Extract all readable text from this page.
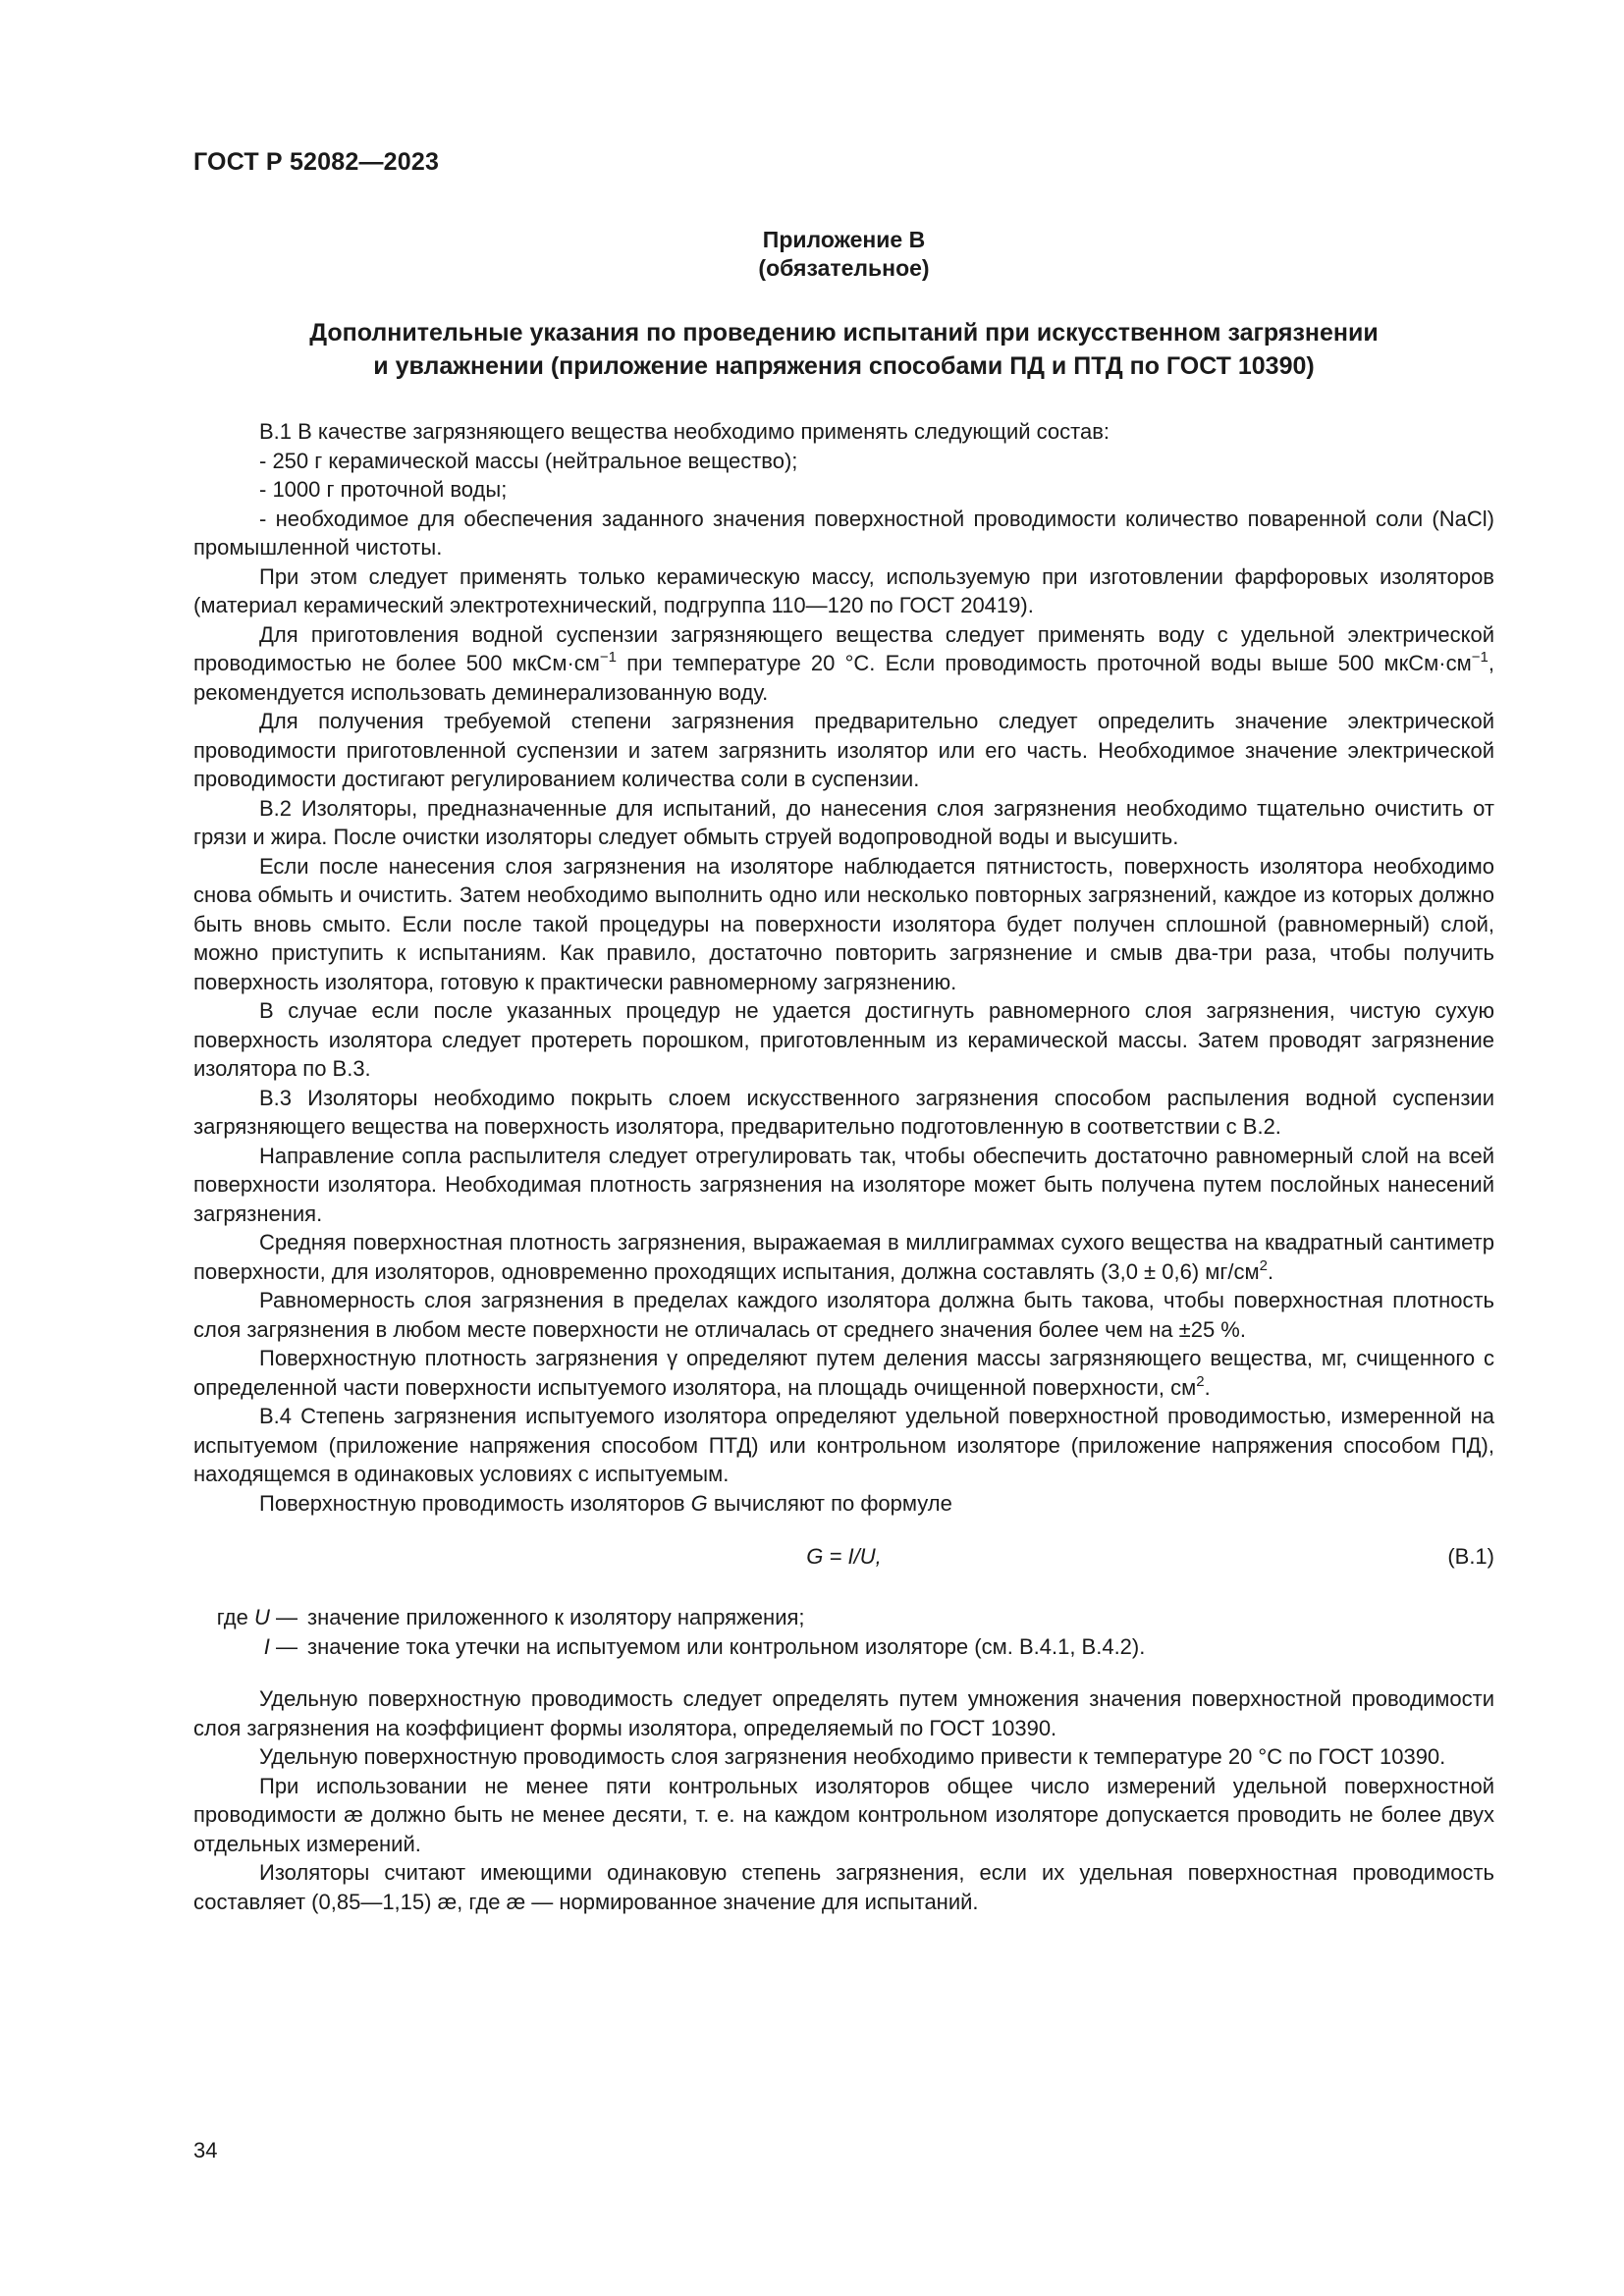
ГОСТ Р 52082—2023
Приложение В
(обязательное)
Дополнительные указания по проведению испытаний при искусственном загрязнении
и увлажнении (приложение напряжения способами ПД и ПТД по ГОСТ 10390)

В.1 В качестве загрязняющего вещества необходимо применять следующий состав:

- 250 г керамической массы (нейтральное вещество);

- 1000 г проточной воды;

- необходимое для обеспечения заданного значения поверхностной проводимости количество поваренной соли (NaCl) промышленной чистоты.

При этом следует применять только керамическую массу, используемую при изготовлении фарфоровых изоляторов (материал керамический электротехнический, подгруппа 110—120 по ГОСТ 20419).

Для приготовления водной суспензии загрязняющего вещества следует применять воду с удельной электрической проводимостью не более 500 $мкСм\cdot см^{-1}$ при температуре 20 °С. Если проводимость проточной воды выше 500 $мкСм\cdot см^{-1}$, рекомендуется использовать деминерализованную воду.

Для получения требуемой степени загрязнения предварительно следует определить значение электрической проводимости приготовленной суспензии и затем загрязнить изолятор или его часть. Необходимое значение электрической проводимости достигают регулированием количества соли в суспензии.

В.2 Изоляторы, предназначенные для испытаний, до нанесения слоя загрязнения необходимо тщательно очистить от грязи и жира. После очистки изоляторы следует обмыть струей водопроводной воды и высушить.

Если после нанесения слоя загрязнения на изоляторе наблюдается пятнистость, поверхность изолятора необходимо снова обмыть и очистить. Затем необходимо выполнить одно или несколько повторных загрязнений, каждое из которых должно быть вновь смыто. Если после такой процедуры на поверхности изолятора будет получен сплошной (равномерный) слой, можно приступить к испытаниям. Как правило, достаточно повторить загрязнение и смыв два-три раза, чтобы получить поверхность изолятора, готовую к практически равномерному загрязнению.

В случае если после указанных процедур не удается достигнуть равномерного слоя загрязнения, чистую сухую поверхность изолятора следует протереть порошком, приготовленным из керамической массы. Затем проводят загрязнение изолятора по В.3.

В.3 Изоляторы необходимо покрыть слоем искусственного загрязнения способом распыления водной суспензии загрязняющего вещества на поверхность изолятора, предварительно подготовленную в соответствии с В.2.

Направление сопла распылителя следует отрегулировать так, чтобы обеспечить достаточно равномерный слой на всей поверхности изолятора. Необходимая плотность загрязнения на изоляторе может быть получена путем послойных нанесений загрязнения.

Средняя поверхностная плотность загрязнения, выражаемая в миллиграммах сухого вещества на квадратный сантиметр поверхности, для изоляторов, одновременно проходящих испытания, должна составлять (3,0 ± 0,6) $мг/см^2$.

Равномерность слоя загрязнения в пределах каждого изолятора должна быть такова, чтобы поверхностная плотность слоя загрязнения в любом месте поверхности не отличалась от среднего значения более чем на ±25 %.

Поверхностную плотность загрязнения γ определяют путем деления массы загрязняющего вещества, мг, счищенного с определенной части поверхности испытуемого изолятора, на площадь очищенной поверхности, $см^2$.

В.4 Степень загрязнения испытуемого изолятора определяют удельной поверхностной проводимостью, измеренной на испытуемом (приложение напряжения способом ПТД) или контрольном изоляторе (приложение напряжения способом ПД), находящемся в одинаковых условиях с испытуемым.

Поверхностную проводимость изоляторов G вычисляют по формуле

G = I/U,	(В.1)
где U — значение приложенного к изолятору напряжения;
I — значение тока утечки на испытуемом или контрольном изоляторе (см. В.4.1, В.4.2).

Удельную поверхностную проводимость следует определять путем умножения значения поверхностной проводимости слоя загрязнения на коэффициент формы изолятора, определяемый по ГОСТ 10390.

Удельную поверхностную проводимость слоя загрязнения необходимо привести к температуре 20 °С по ГОСТ 10390.

При использовании не менее пяти контрольных изоляторов общее число измерений удельной поверхностной проводимости æ должно быть не менее десяти, т. е. на каждом контрольном изоляторе допускается проводить не более двух отдельных измерений.

Изоляторы считают имеющими одинаковую степень загрязнения, если их удельная поверхностная проводимость составляет (0,85—1,15) æ, где æ — нормированное значение для испытаний.

34
